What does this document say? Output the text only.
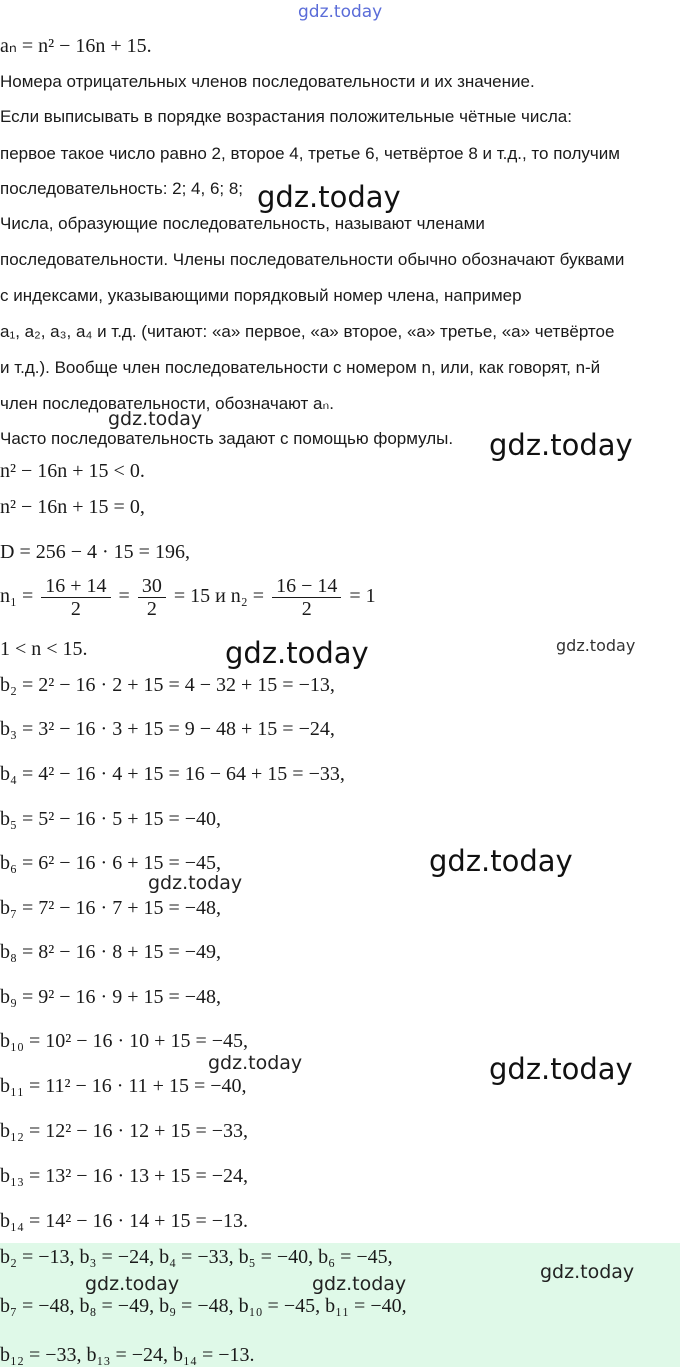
gdz.today
aₙ = n² − 16n + 15.
Номера отрицательных членов последовательности и их значение.
Если выписывать в порядке возрастания положительные чётные числа:
первое такое число равно 2, второе 4, третье 6, четвёртое 8 и т.д., то получим
последовательность: 2; 4, 6; 8;
Числа, образующие последовательность, называют членами
последовательности. Члены последовательности обычно обозначают буквами
с индексами, указывающими порядковый номер члена, например
a₁, a₂, a₃, a₄ и т.д. (читают: «a» первое, «a» второе, «a» третье, «a» четвёртое
и т.д.). Вообще член последовательности с номером n, или, как говорят, n-й
член последовательности, обозначают aₙ.
Часто последовательность задают с помощью формулы.
n² − 16n + 15 < 0.
n² − 16n + 15 = 0,
D = 256 − 4 · 15 = 196,
$n_1 = \frac{16 + 14}{2} = \frac{30}{2} = 15$ и $n_2 = \frac{16 - 14}{2} = 1$
1 < n < 15.
b₂ = 2² − 16 · 2 + 15 = 4 − 32 + 15 = −13,
b₃ = 3² − 16 · 3 + 15 = 9 − 48 + 15 = −24,
b₄ = 4² − 16 · 4 + 15 = 16 − 64 + 15 = −33,
b₅ = 5² − 16 · 5 + 15 = −40,
b₆ = 6² − 16 · 6 + 15 = −45,
b₇ = 7² − 16 · 7 + 15 = −48,
b₈ = 8² − 16 · 8 + 15 = −49,
b₉ = 9² − 16 · 9 + 15 = −48,
b₁₀ = 10² − 16 · 10 + 15 = −45,
b₁₁ = 11² − 16 · 11 + 15 = −40,
b₁₂ = 12² − 16 · 12 + 15 = −33,
b₁₃ = 13² − 16 · 13 + 15 = −24,
b₁₄ = 14² − 16 · 14 + 15 = −13.
b₂ = −13, b₃ = −24, b₄ = −33, b₅ = −40, b₆ = −45,
b₇ = −48, b₈ = −49, b₉ = −48, b₁₀ = −45, b₁₁ = −40,
b₁₂ = −33, b₁₃ = −24, b₁₄ = −13.
gdz.today
gdz.today
gdz.today
gdz.today	gdz.today
gdz.today
gdz.today
gdz.today	gdz.today
gdz.today
gdz.today	gdz.today
